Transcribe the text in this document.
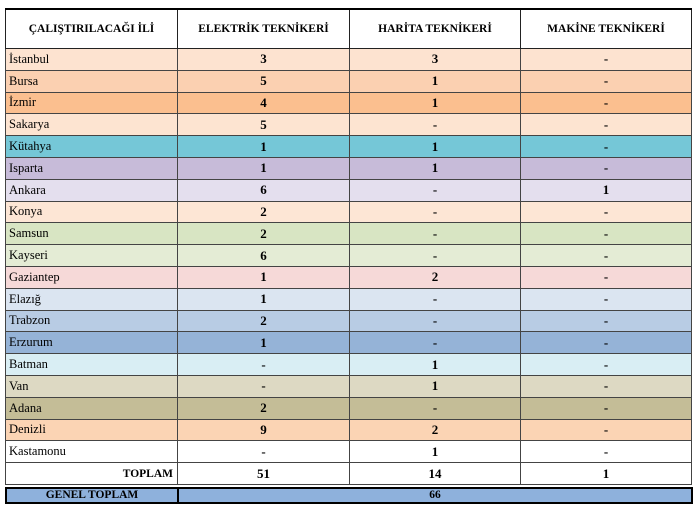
ÇALIŞTIRILACAĞI İLİ	ELEKTRİK TEKNİKERİ	HARİTA TEKNİKERİ	MAKİNE TEKNİKERİ
İstanbul	3	3	-
Bursa	5	1	-
İzmir	4	1	-
Sakarya	5	-	-
Kütahya	1	1	-
Isparta	1	1	-
Ankara	6	-	1
Konya	2	-	-
Samsun	2	-	-
Kayseri	6	-	-
Gaziantep	1	2	-
Elazığ	1	-	-
Trabzon	2	-	-
Erzurum	1	-	-
Batman	-	1	-
Van	-	1	-
Adana	2	-	-
Denizli	9	2	-
Kastamonu	-	1	-
TOPLAM	51	14	1
GENEL TOPLAM	66
